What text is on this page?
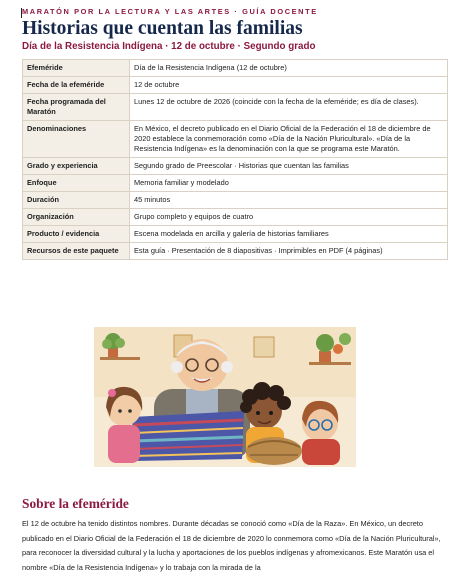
MARATÓN POR LA LECTURA Y LAS ARTES · GUÍA DOCENTE

Historias que cuentan las familias

Día de la Resistencia Indígena · 12 de octubre · Segundo grado

Efeméride	Día de la Resistencia Indígena (12 de octubre)
Fecha de la efeméride	12 de octubre
Fecha programada del Maratón	Lunes 12 de octubre de 2026 (coincide con la fecha de la efeméride; es día de clases).
Denominaciones	En México, el decreto publicado en el Diario Oficial de la Federación el 18 de diciembre de 2020 establece la conmemoración como «Día de la Nación Pluricultural». «Día de la Resistencia Indígena» es la denominación con la que se programa este Maratón.
Grado y experiencia	Segundo grado de Preescolar · Historias que cuentan las familias
Enfoque	Memoria familiar y modelado
Duración	45 minutos
Organización	Grupo completo y equipos de cuatro
Producto / evidencia	Escena modelada en arcilla y galería de historias familiares
Recursos de este paquete	Esta guía · Presentación de 8 diapositivas · Imprimibles en PDF (4 páginas)
Sobre la efeméride

El 12 de octubre ha tenido distintos nombres. Durante décadas se conoció como «Día de la Raza». En México, un decreto publicado en el Diario Oficial de la Federación el 18 de diciembre de 2020 lo conmemora como «Día de la Nación Pluricultural», para reconocer la diversidad cultural y la lucha y aportaciones de los pueblos indígenas y afromexicanos. Este Maratón usa el nombre «Día de la Resistencia Indígena» y lo trabaja con la mirada de la
